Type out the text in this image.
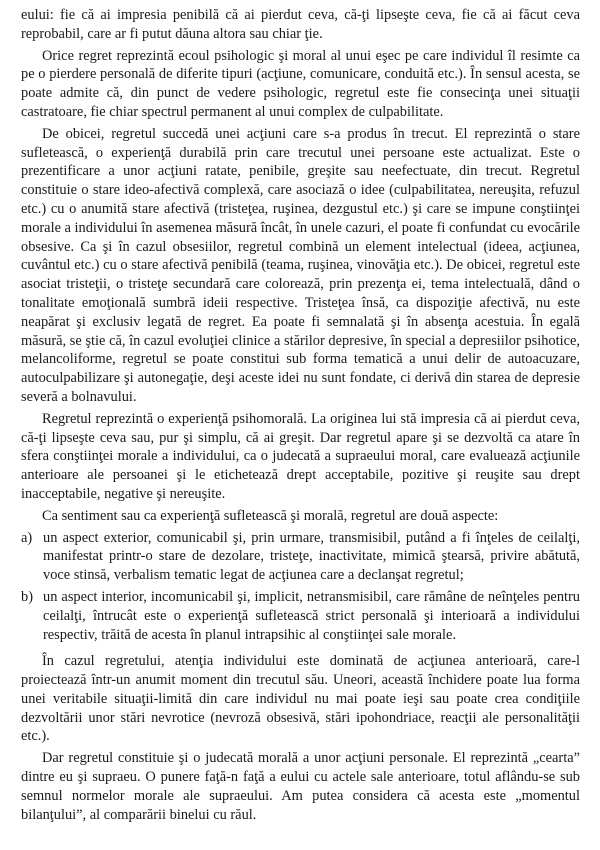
eului: fie că ai impresia penibilă că ai pierdut ceva, că-ţi lipseşte ceva, fie că ai făcut ceva reprobabil, care ar fi putut dăuna altora sau chiar ţie.

Orice regret reprezintă ecoul psihologic şi moral al unui eşec pe care individul îl resimte ca pe o pierdere personală de diferite tipuri (acţiune, comunicare, conduită etc.). În sensul acesta, se poate admite că, din punct de vedere psihologic, regretul este fie consecinţa unei situaţii castratoare, fie chiar spectrul permanent al unui complex de culpabilitate.

De obicei, regretul succedă unei acţiuni care s-a produs în trecut. El reprezintă o stare sufletească, o experienţă durabilă prin care trecutul unei persoane este actualizat. Este o prezentificare a unor acţiuni ratate, penibile, greşite sau neefectuate, din trecut. Regretul constituie o stare ideo-afectivă complexă, care asociază o idee (culpabilitatea, nereuşita, refuzul etc.) cu o anumită stare afectivă (tristeţea, ruşinea, dezgustul etc.) şi care se impune conştiinţei morale a individului în asemenea măsură încât, în unele cazuri, el poate fi confundat cu evocările obsesive. Ca şi în cazul obsesiilor, regretul combină un element intelectual (ideea, acţiunea, cuvântul etc.) cu o stare afectivă penibilă (teama, ruşinea, vinovăţia etc.). De obicei, regretul este asociat tristeţii, o tristeţe secundară care colorează, prin prezenţa ei, tema intelectuală, dând o tonalitate emoţională sumbră ideii respective. Tristeţea însă, ca dispoziţie afectivă, nu este neapărat şi exclusiv legată de regret. Ea poate fi semnalată şi în absenţa acestuia. În egală măsură, se ştie că, în cazul evoluţiei clinice a stărilor depresive, în special a depresiilor psihotice, melancoliforme, regretul se poate constitui sub forma tematică a unui delir de autoacuzare, autoculpabilizare şi autonegaţie, deşi aceste idei nu sunt fondate, ci derivă din starea de depresie severă a bolnavului.

Regretul reprezintă o experienţă psihomorală. La originea lui stă impresia că ai pierdut ceva, că-ţi lipseşte ceva sau, pur şi simplu, că ai greşit. Dar regretul apare şi se dezvoltă ca atare în sfera conştiinţei morale a individului, ca o judecată a supraeului moral, care evaluează acţiunile anterioare ale persoanei şi le etichetează drept acceptabile, pozitive şi reuşite sau drept inacceptabile, negative şi nereuşite.

Ca sentiment sau ca experienţă sufletească şi morală, regretul are două aspecte:

a) un aspect exterior, comunicabil şi, prin urmare, transmisibil, putând a fi înţeles de ceilalţi, manifestat printr-o stare de dezolare, tristeţe, inactivitate, mimică ştearsă, privire abătută, voce stinsă, verbalism tematic legat de acţiunea care a declanşat regretul;
b) un aspect interior, incomunicabil şi, implicit, netransmisibil, care rămâne de neînţeles pentru ceilalţi, întrucât este o experienţă sufletească strict personală şi interioară a individului respectiv, trăită de acesta în planul intrapsihic al conştiinţei sale morale.

În cazul regretului, atenţia individului este dominată de acţiunea anterioară, care-l proiectează într-un anumit moment din trecutul său. Uneori, această închidere poate lua forma unei veritabile situaţii-limită din care individul nu mai poate ieşi sau poate crea condiţiile dezvoltării unor stări nevrotice (nevroză obsesivă, stări ipohondriace, reacţii ale personalităţii etc.).

Dar regretul constituie şi o judecată morală a unor acţiuni personale. El reprezintă „cearta” dintre eu şi supraeu. O punere faţă-n faţă a eului cu actele sale anterioare, totul aflându-se sub semnul normelor morale ale supraeului. Am putea considera că acesta este „momentul bilanţului”, al comparării binelui cu răul.
